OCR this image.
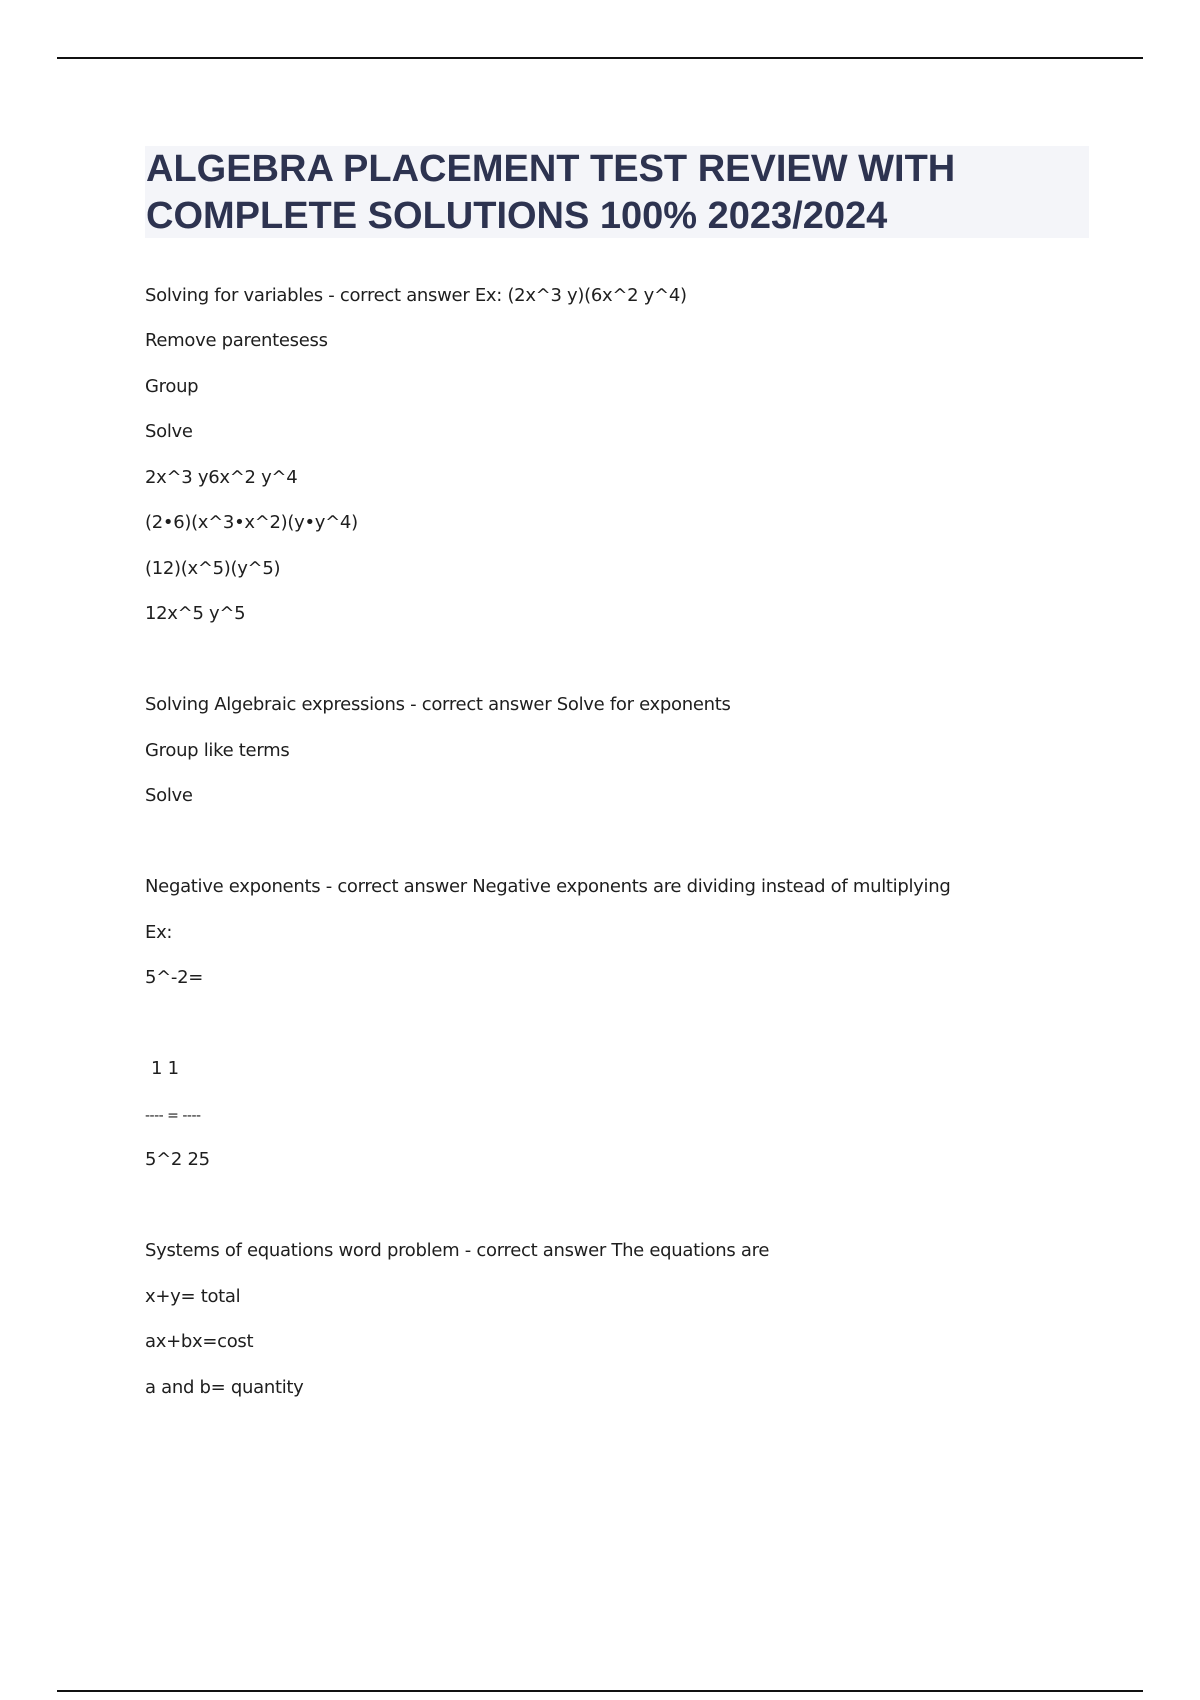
ALGEBRA PLACEMENT TEST REVIEW WITH
COMPLETE SOLUTIONS 100% 2023/2024
Solving for variables - correct answer Ex: (2x^3 y)(6x^2 y^4)
Remove parentesess
Group
Solve
2x^3 y6x^2 y^4
(2•6)(x^3•x^2)(y•y^4)
(12)(x^5)(y^5)
12x^5 y^5
Solving Algebraic expressions - correct answer Solve for exponents
Group like terms
Solve
Negative exponents - correct answer Negative exponents are dividing instead of multiplying
Ex:
5^-2=
1 1
---- = ----
5^2 25
Systems of equations word problem - correct answer The equations are
x+y= total
ax+bx=cost
a and b= quantity
